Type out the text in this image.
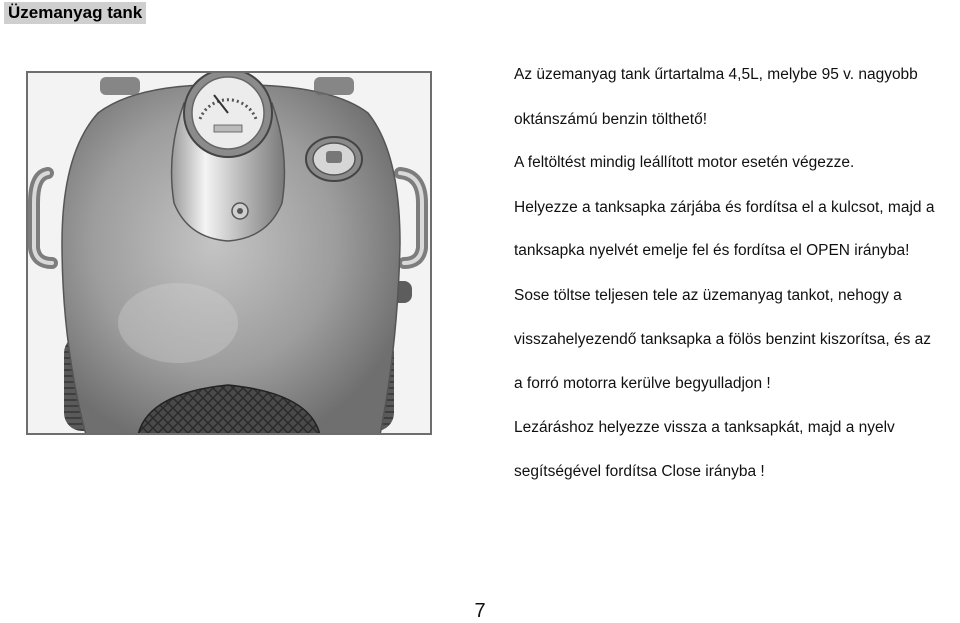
Üzemanyag tank
Az üzemanyag tank űrtartalma 4,5L, melybe 95 v. nagyobb
oktánszámú benzin tölthető!
A feltöltést mindig leállított motor esetén végezze.
Helyezze a tanksapka zárjába és fordítsa el a kulcsot, majd a
tanksapka nyelvét emelje fel és fordítsa el OPEN irányba!
Sose töltse teljesen tele az üzemanyag tankot, nehogy a
visszahelyezendő tanksapka a fölös benzint kiszorítsa, és az
a forró motorra kerülve begyulladjon !
Lezáráshoz helyezze vissza a tanksapkát, majd a nyelv
segítségével fordítsa Close irányba !
7
